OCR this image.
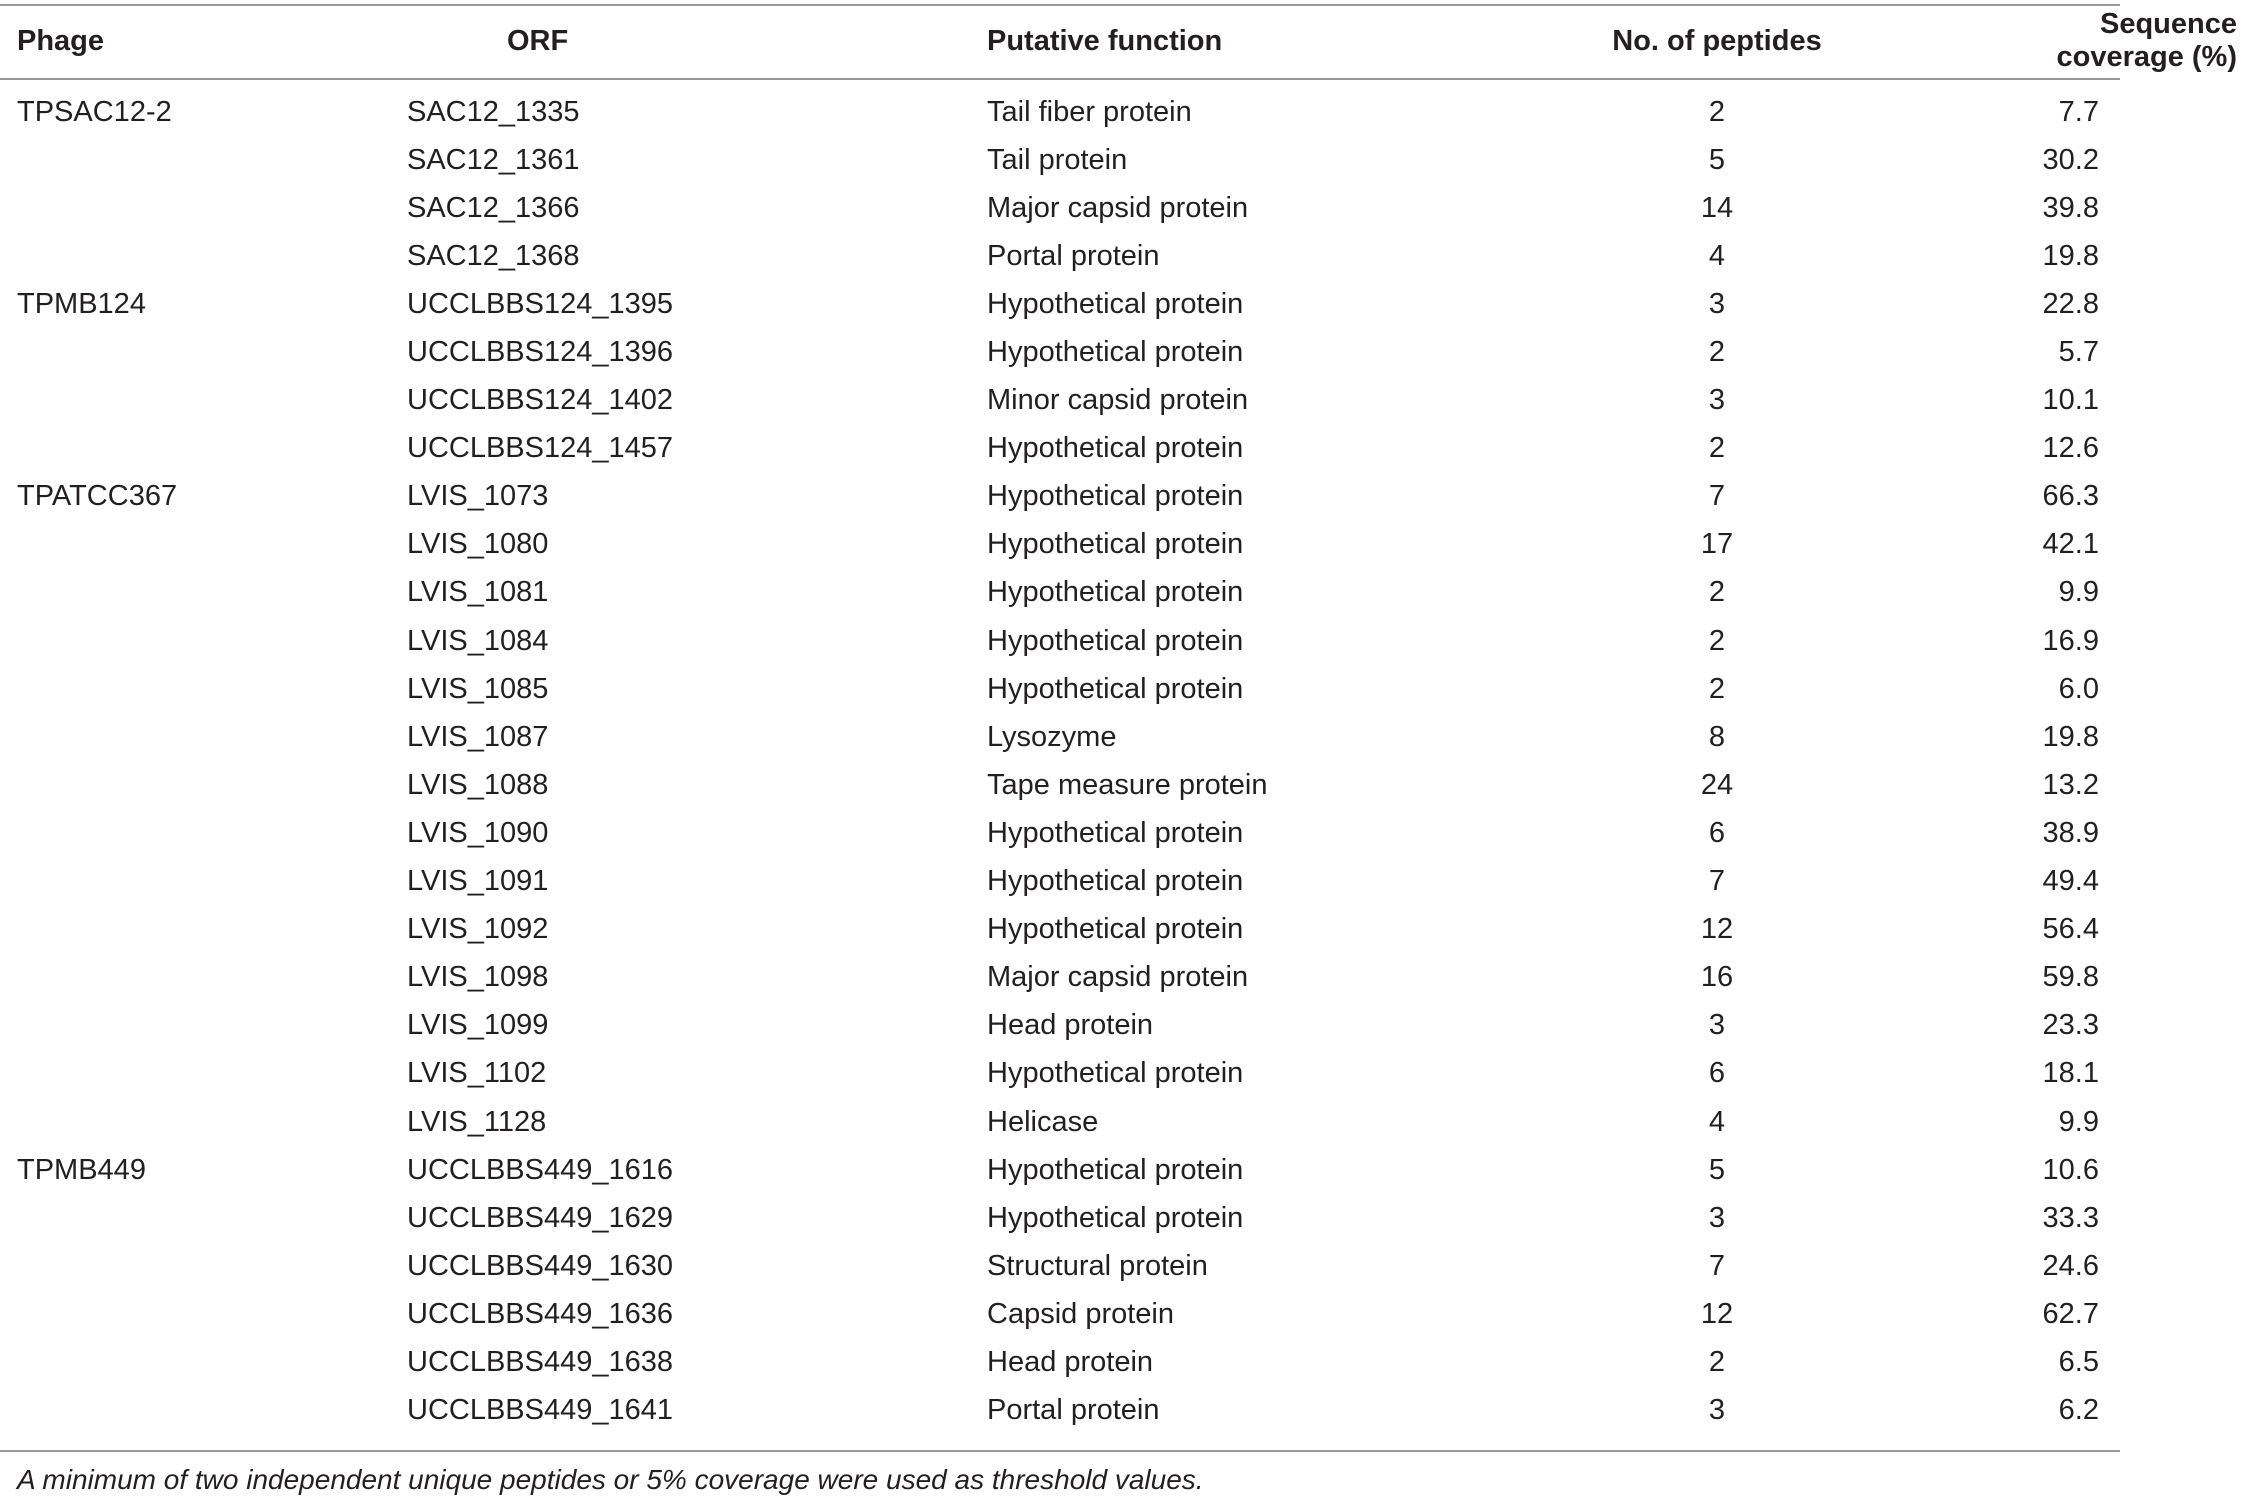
Phage	ORF	Putative function	No. of peptides	Sequence coverage (%)
TPSAC12-2	SAC12_1335	Tail fiber protein	2	7.7
	SAC12_1361	Tail protein	5	30.2
	SAC12_1366	Major capsid protein	14	39.8
	SAC12_1368	Portal protein	4	19.8
TPMB124	UCCLBBS124_1395	Hypothetical protein	3	22.8
	UCCLBBS124_1396	Hypothetical protein	2	5.7
	UCCLBBS124_1402	Minor capsid protein	3	10.1
	UCCLBBS124_1457	Hypothetical protein	2	12.6
TPATCC367	LVIS_1073	Hypothetical protein	7	66.3
	LVIS_1080	Hypothetical protein	17	42.1
	LVIS_1081	Hypothetical protein	2	9.9
	LVIS_1084	Hypothetical protein	2	16.9
	LVIS_1085	Hypothetical protein	2	6.0
	LVIS_1087	Lysozyme	8	19.8
	LVIS_1088	Tape measure protein	24	13.2
	LVIS_1090	Hypothetical protein	6	38.9
	LVIS_1091	Hypothetical protein	7	49.4
	LVIS_1092	Hypothetical protein	12	56.4
	LVIS_1098	Major capsid protein	16	59.8
	LVIS_1099	Head protein	3	23.3
	LVIS_1102	Hypothetical protein	6	18.1
	LVIS_1128	Helicase	4	9.9
TPMB449	UCCLBBS449_1616	Hypothetical protein	5	10.6
	UCCLBBS449_1629	Hypothetical protein	3	33.3
	UCCLBBS449_1630	Structural protein	7	24.6
	UCCLBBS449_1636	Capsid protein	12	62.7
	UCCLBBS449_1638	Head protein	2	6.5
	UCCLBBS449_1641	Portal protein	3	6.2
A minimum of two independent unique peptides or 5% coverage were used as threshold values.
